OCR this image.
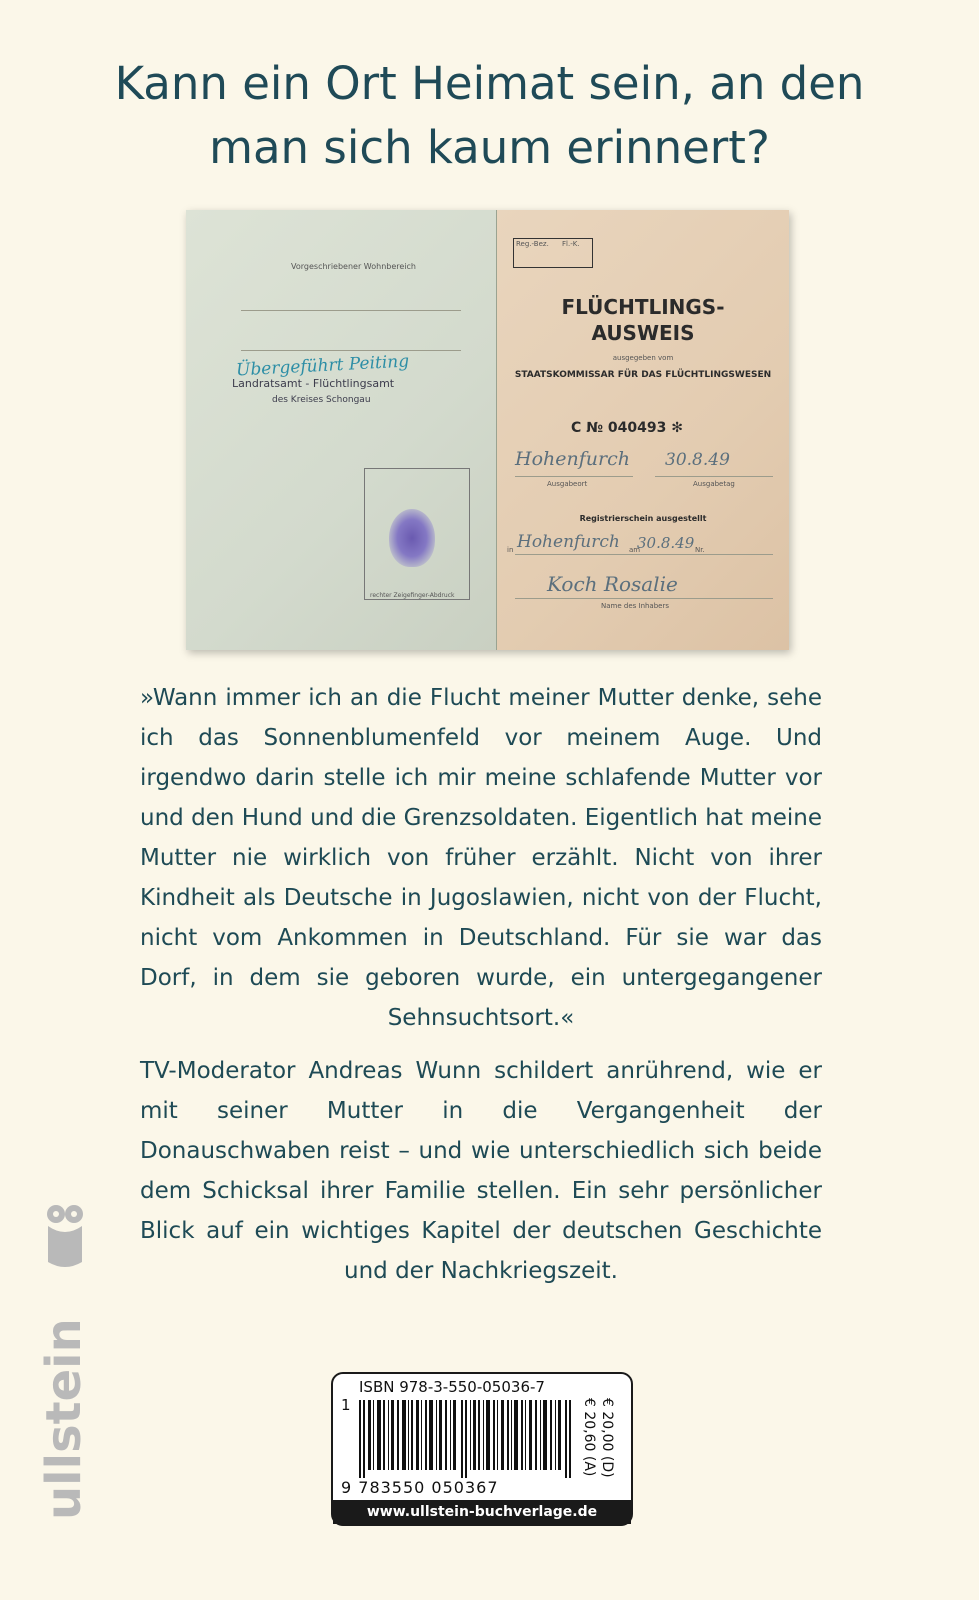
Kann ein Ort Heimat sein, an den
man sich kaum erinnert?
Vorgeschriebener Wohnbereich
Übergeführt Peiting
Landratsamt - Flüchtlingsamt
des Kreises Schongau
rechter Zeigefinger-Abdruck
Reg.-Bez. Fl.-K.
FLÜCHTLINGS-
AUSWEIS
ausgegeben vom
STAATSKOMMISSAR FÜR DAS FLÜCHTLINGSWESEN
C № 040493 ✻
Hohenfurch 30.8.49
Ausgabeort	Ausgabetag
Registrierschein ausgestellt
in Hohenfurch am
30.8.49 Nr.
Koch Rosalie
Name des Inhabers

»Wann immer ich an die Flucht meiner Mutter denke, sehe ich das Sonnenblumenfeld vor meinem Auge. Und irgendwo darin stelle ich mir meine schlafende Mutter vor und den Hund und die Grenzsoldaten. Eigentlich hat meine Mutter nie wirklich von früher erzählt. Nicht von ihrer Kindheit als Deutsche in Jugoslawien, nicht von der Flucht, nicht vom Ankommen in Deutschland. Für sie war das Dorf, in dem sie geboren wurde, ein untergegangener Sehnsuchtsort.«

TV-Moderator Andreas Wunn schildert anrührend, wie er mit seiner Mutter in die Vergangenheit der Donauschwaben reist – und wie unterschiedlich sich beide dem Schicksal ihrer Familie stellen. Ein sehr persönlicher Blick auf ein wichtiges Kapitel der deutschen Geschichte und der Nachkriegszeit.

ullstein	ISBN 978-3-550-05036-7
1
9 783550 050367
€ 20,00 (D)
€ 20,60 (A)
www.ullstein-buchverlage.de
